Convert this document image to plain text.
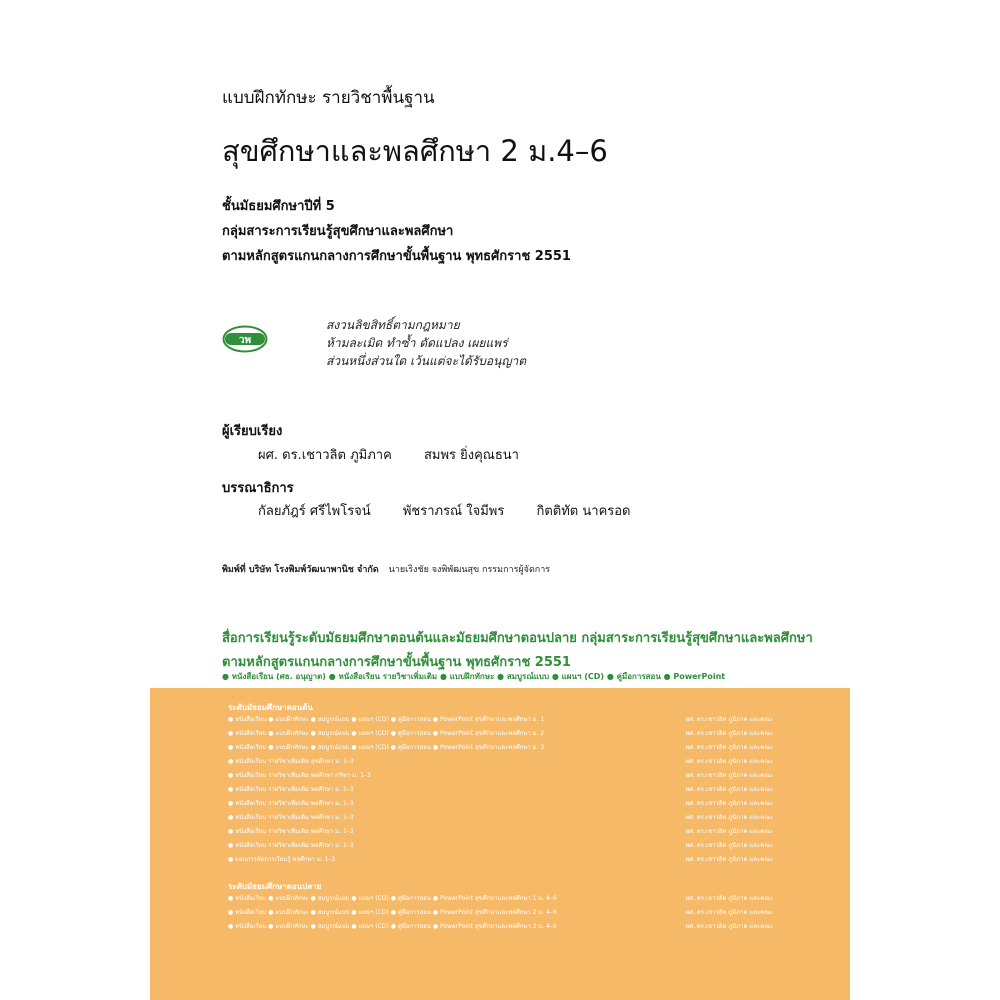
แบบฝึกทักษะ รายวิชาพื้นฐาน
สุขศึกษาและพลศึกษา 2 ม.4–6
ชั้นมัธยมศึกษาปีที่ 5
กลุ่มสาระการเรียนรู้สุขศึกษาและพลศึกษา
ตามหลักสูตรแกนกลางการศึกษาขั้นพื้นฐาน พุทธศักราช 2551
วพ
สงวนลิขสิทธิ์ตามกฎหมาย
ห้ามละเมิด ทำซ้ำ ดัดแปลง เผยแพร่
ส่วนหนึ่งส่วนใด เว้นแต่จะได้รับอนุญาต
ผู้เรียบเรียง
ผศ. ดร.เชาวลิต ภูมิภาค สมพร ยิ่งคุณธนา
บรรณาธิการ
กัลยภัฎร์ ศรีไพโรจน์ พัชราภรณ์ ใจมีพร กิตติทัต นาครอด
พิมพ์ที่ บริษัท โรงพิมพ์วัฒนาพานิช จำกัด นายเริงชัย จงพิพัฒนสุข กรรมการผู้จัดการ
สื่อการเรียนรู้ระดับมัธยมศึกษาตอนต้นและมัธยมศึกษาตอนปลาย กลุ่มสาระการเรียนรู้สุขศึกษาและพลศึกษา
ตามหลักสูตรแกนกลางการศึกษาขั้นพื้นฐาน พุทธศักราช 2551
● หนังสือเรียน (ศธ. อนุญาต) ● หนังสือเรียน รายวิชาเพิ่มเติม ● แบบฝึกทักษะ ● สมบูรณ์แบบ ● แผนฯ (CD) ● คู่มือการสอน ● PowerPoint
ระดับมัธยมศึกษาตอนต้น
● หนังสือเรียน ● แบบฝึกทักษะ ● สมบูรณ์แบบ ● แผนฯ (CD) ● คู่มือการสอน ● PowerPoint สุขศึกษาและพลศึกษา ม. 1	ผศ. ดร.เชาวลิต ภูมิภาค และคณะ
● หนังสือเรียน ● แบบฝึกทักษะ ● สมบูรณ์แบบ ● แผนฯ (CD) ● คู่มือการสอน ● PowerPoint สุขศึกษาและพลศึกษา ม. 2	ผศ. ดร.เชาวลิต ภูมิภาค และคณะ
● หนังสือเรียน ● แบบฝึกทักษะ ● สมบูรณ์แบบ ● แผนฯ (CD) ● คู่มือการสอน ● PowerPoint สุขศึกษาและพลศึกษา ม. 3	ผศ. ดร.เชาวลิต ภูมิภาค และคณะ
● หนังสือเรียน รายวิชาเพิ่มเติม สุขศึกษา ม. 1–3	ผศ. ดร.เชาวลิต ภูมิภาค และคณะ
● หนังสือเรียน รายวิชาเพิ่มเติม พลศึกษา กรีฑา ม. 1–3	ผศ. ดร.เชาวลิต ภูมิภาค และคณะ
● หนังสือเรียน รายวิชาเพิ่มเติม พลศึกษา ม. 1–3	ผศ. ดร.เชาวลิต ภูมิภาค และคณะ
● หนังสือเรียน รายวิชาเพิ่มเติม พลศึกษา ม. 1–3	ผศ. ดร.เชาวลิต ภูมิภาค และคณะ
● หนังสือเรียน รายวิชาเพิ่มเติม พลศึกษา ม. 1–3	ผศ. ดร.เชาวลิต ภูมิภาค และคณะ
● หนังสือเรียน รายวิชาเพิ่มเติม พลศึกษา ม. 1–3	ผศ. ดร.เชาวลิต ภูมิภาค และคณะ
● หนังสือเรียน รายวิชาเพิ่มเติม พลศึกษา ม. 1–3	ผศ. ดร.เชาวลิต ภูมิภาค และคณะ
● แผนการจัดการเรียนรู้ พลศึกษา ม. 1–3	ผศ. ดร.เชาวลิต ภูมิภาค และคณะ
ระดับมัธยมศึกษาตอนปลาย
● หนังสือเรียน ● แบบฝึกทักษะ ● สมบูรณ์แบบ ● แผนฯ (CD) ● คู่มือการสอน ● PowerPoint สุขศึกษาและพลศึกษา 1 ม. 4–6	ผศ. ดร.เชาวลิต ภูมิภาค และคณะ
● หนังสือเรียน ● แบบฝึกทักษะ ● สมบูรณ์แบบ ● แผนฯ (CD) ● คู่มือการสอน ● PowerPoint สุขศึกษาและพลศึกษา 2 ม. 4–6	ผศ. ดร.เชาวลิต ภูมิภาค และคณะ
● หนังสือเรียน ● แบบฝึกทักษะ ● สมบูรณ์แบบ ● แผนฯ (CD) ● คู่มือการสอน ● PowerPoint สุขศึกษาและพลศึกษา 3 ม. 4–6	ผศ. ดร.เชาวลิต ภูมิภาค และคณะ
